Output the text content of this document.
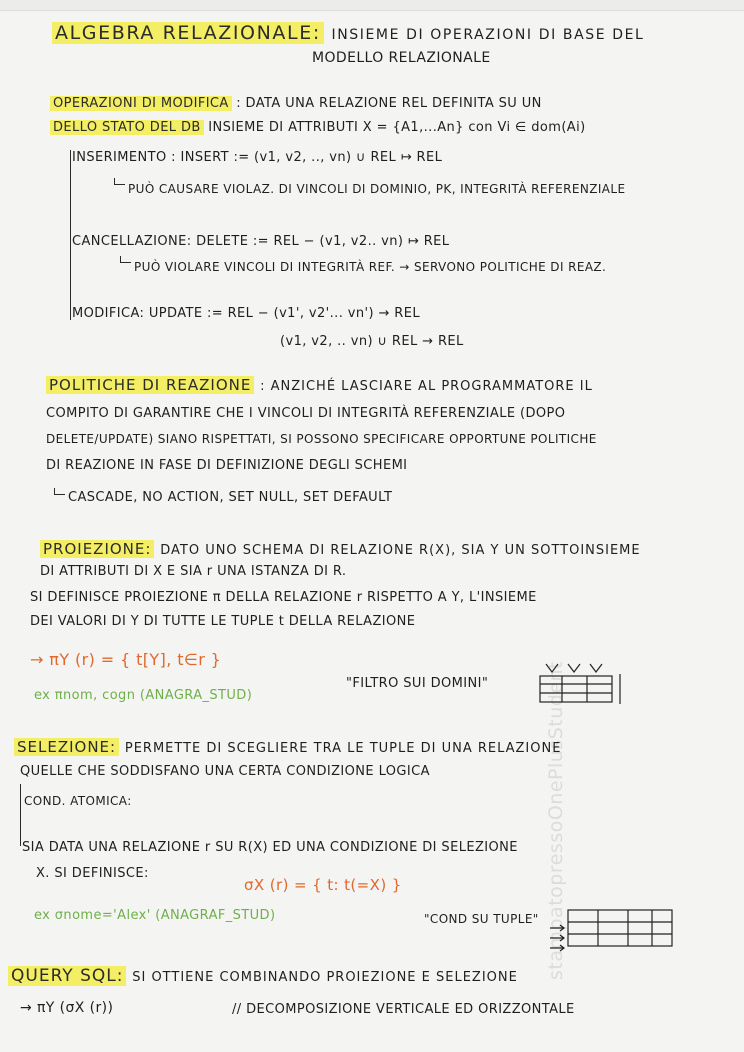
stampatopressoOnePlusStudent
ALGEBRA RELAZIONALE: INSIEME DI OPERAZIONI DI BASE DEL
MODELLO RELAZIONALE
OPERAZIONI DI MODIFICA : DATA UNA RELAZIONE REL DEFINITA SU UN
DELLO STATO DEL DB INSIEME DI ATTRIBUTI X = {A1,...An} con Vi ∈ dom(Ai)
INSERIMENTO : INSERT := (v1, v2, .., vn) ∪ REL ↦ REL
PUÒ CAUSARE VIOLAZ. DI VINCOLI DI DOMINIO, PK, INTEGRITÀ REFERENZIALE
CANCELLAZIONE: DELETE := REL − (v1, v2.. vn) ↦ REL
PUÒ VIOLARE VINCOLI DI INTEGRITÀ REF. → SERVONO POLITICHE DI REAZ.
MODIFICA: UPDATE := REL − (v1', v2'... vn') → REL
(v1, v2, .. vn) ∪ REL → REL
POLITICHE DI REAZIONE : ANZICHÉ LASCIARE AL PROGRAMMATORE IL
COMPITO DI GARANTIRE CHE I VINCOLI DI INTEGRITÀ REFERENZIALE (DOPO
DELETE/UPDATE) SIANO RISPETTATI, SI POSSONO SPECIFICARE OPPORTUNE POLITICHE
DI REAZIONE IN FASE DI DEFINIZIONE DEGLI SCHEMI
CASCADE, NO ACTION, SET NULL, SET DEFAULT
PROIEZIONE: DATO UNO SCHEMA DI RELAZIONE R(X), SIA Y UN SOTTOINSIEME
DI ATTRIBUTI DI X E SIA r UNA ISTANZA DI R.
SI DEFINISCE PROIEZIONE π DELLA RELAZIONE r RISPETTO A Y, L'INSIEME
DEI VALORI DI Y DI TUTTE LE TUPLE t DELLA RELAZIONE
→ πY (r) = { t[Y], t∈r }
ex πnom, cogn (ANAGRA_STUD)
"FILTRO SUI DOMINI"
SELEZIONE: PERMETTE DI SCEGLIERE TRA LE TUPLE DI UNA RELAZIONE
QUELLE CHE SODDISFANO UNA CERTA CONDIZIONE LOGICA
COND. ATOMICA:
SIA DATA UNA RELAZIONE r SU R(X) ED UNA CONDIZIONE DI SELEZIONE
X. SI DEFINISCE:
σX (r) = { t: t(=X) }
ex σnome='Alex' (ANAGRAF_STUD)	"COND SU TUPLE"
QUERY SQL: SI OTTIENE COMBINANDO PROIEZIONE E SELEZIONE
→ πY (σX (r))	// DECOMPOSIZIONE VERTICALE ED ORIZZONTALE
